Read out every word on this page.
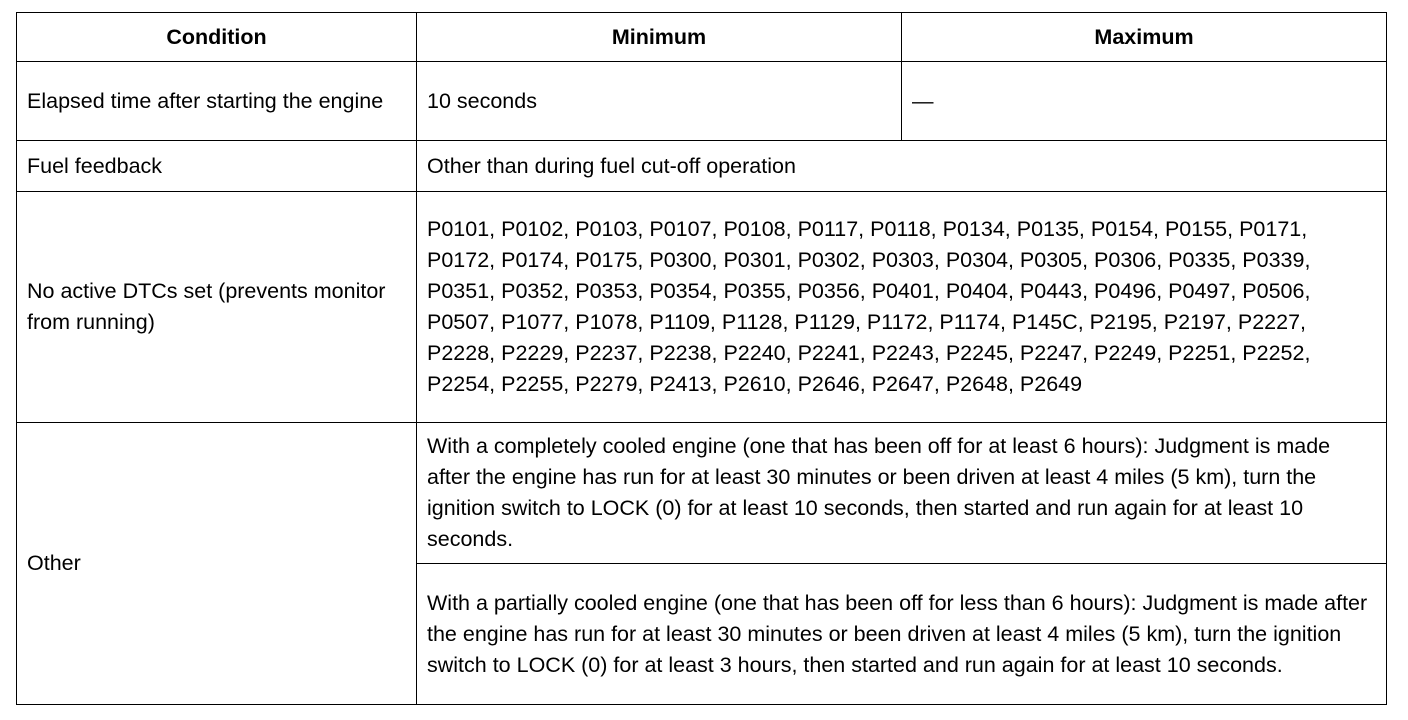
Condition	Minimum	Maximum
Elapsed time after starting the engine	10 seconds	—
Fuel feedback	Other than during fuel cut-off operation	
No active DTCs set (prevents monitor from running)	P0101, P0102, P0103, P0107, P0108, P0117, P0118, P0134, P0135, P0154, P0155, P0171, P0172, P0174, P0175, P0300, P0301, P0302, P0303, P0304, P0305, P0306, P0335, P0339, P0351, P0352, P0353, P0354, P0355, P0356, P0401, P0404, P0443, P0496, P0497, P0506, P0507, P1077, P1078, P1109, P1128, P1129, P1172, P1174, P145C, P2195, P2197, P2227, P2228, P2229, P2237, P2238, P2240, P2241, P2243, P2245, P2247, P2249, P2251, P2252, P2254, P2255, P2279, P2413, P2610, P2646, P2647, P2648, P2649	
Other	With a completely cooled engine (one that has been off for at least 6 hours): Judgment is made after the engine has run for at least 30 minutes or been driven at least 4 miles (5 km), turn the ignition switch to LOCK (0) for at least 10 seconds, then started and run again for at least 10 seconds.	
	With a partially cooled engine (one that has been off for less than 6 hours): Judgment is made after the engine has run for at least 30 minutes or been driven at least 4 miles (5 km), turn the ignition switch to LOCK (0) for at least 3 hours, then started and run again for at least 10 seconds.	
